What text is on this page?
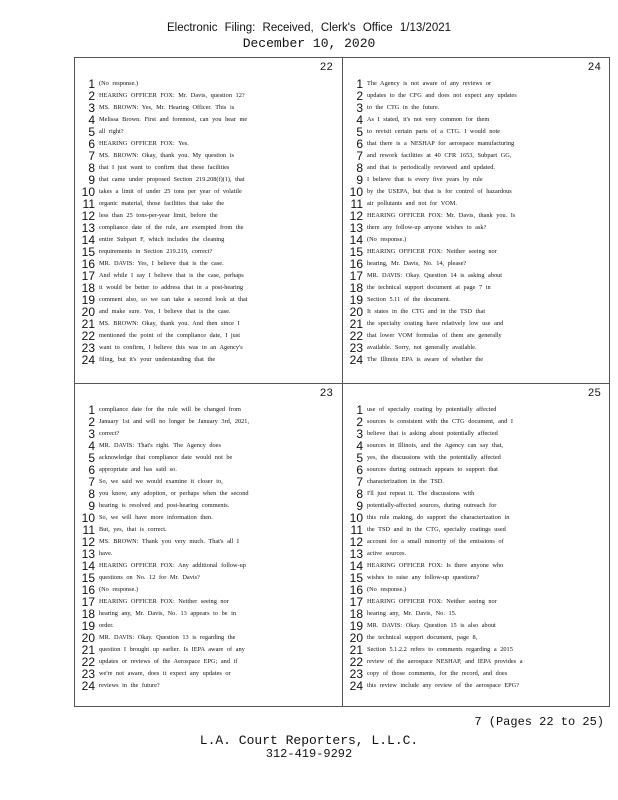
Electronic Filing: Received, Clerk's Office 1/13/2021
December 10, 2020
22
1 $^{(No response.)}$
2 $^{HEARING OFFICER FOX: Mr. Davis, question 12?}$
3 $^{MS. BROWN: Yes, Mr. Hearing Officer. This is}$
4 $^{Melissa Brown. First and foremost, can you hear me}$
5 $^{all right?}$
6 $^{HEARING OFFICER FOX: Yes.}$
7 $^{MS. BROWN: Okay, thank you. My question is}$
8 $^{that I just want to confirm that these facilities}$
9 $^{that came under proposed Section 219.208(f)(1), that}$
10 $^{takes a limit of under 25 tons per year of volatile}$
11 $^{organic material, those facilities that take the}$
12 $^{less than 25 tons-per-year limit, before the}$
13 $^{compliance date of the rule, are exempted from the}$
14 $^{entire Subpart F, which includes the cleaning}$
15 $^{requirements in Section 219.219, correct?}$
16 $^{MR. DAVIS: Yes, I believe that is the case.}$
17 $^{And while I say I believe that is the case, perhaps}$
18 $^{it would be better to address that in a post-hearing}$
19 $^{comment also, so we can take a second look at that}$
20 $^{and make sure. Yes, I believe that is the case.}$
21 $^{MS. BROWN: Okay, thank you. And then since I}$
22 $^{mentioned the point of the compliance date, I just}$
23 $^{want to confirm, I believe this was in an Agency's}$
24 $^{filing, but it's your understanding that the}$
24
1 $^{The Agency is not aware of any reviews or}$
2 $^{updates to the CFG and does not expect any updates}$
3 $^{to the CTG in the future.}$
4 $^{As I stated, it's not very common for them}$
5 $^{to revisit certain parts of a CTG. I would note}$
6 $^{that there is a NESHAP for aerospace manufacturing}$
7 $^{and rework facilities at 40 CFR 1653, Subpart GG,}$
8 $^{and that is periodically reviewed and updated.}$
9 $^{I believe that is every five years by rule}$
10 $^{by the USEPA, but that is for control of hazardous}$
11 $^{air pollutants and not for VOM.}$
12 $^{HEARING OFFICER FOX: Mr. Davis, thank you. Is}$
13 $^{there any follow-up anyone wishes to ask?}$
14 $^{(No response.)}$
15 $^{HEARING OFFICER FOX: Neither seeing nor}$
16 $^{hearing, Mr. Davis, No. 14, please?}$
17 $^{MR. DAVIS: Okay. Question 14 is asking about}$
18 $^{the technical support document at page 7 in}$
19 $^{Section 5.11 of the document.}$
20 $^{It states in the CTG and in the TSD that}$
21 $^{the specialty coating have relatively low use and}$
22 $^{that lower VOM formulas of them are generally}$
23 $^{available. Sorry, not generally available.}$
24 $^{The Illinois EPA is aware of whether the}$
23
1 $^{compliance date for the rule will be changed from}$
2 $^{January 1st and will no longer be January 3rd, 2021,}$
3 $^{correct?}$
4 $^{MR. DAVIS: That's right. The Agency does}$
5 $^{acknowledge that compliance date would not be}$
6 $^{appropriate and has said so.}$
7 $^{So, we said we would examine it closer to,}$
8 $^{you know, any adoption, or perhaps when the second}$
9 $^{hearing is resolved and post-hearing comments.}$
10 $^{So, we will have more information then.}$
11 $^{But, yes, that is correct.}$
12 $^{MS. BROWN: Thank you very much. That's all I}$
13 $^{have.}$
14 $^{HEARING OFFICER FOX: Any additional follow-up}$
15 $^{questions on No. 12 for Mr. Davis?}$
16 $^{(No response.)}$
17 $^{HEARING OFFICER FOX: Neither seeing nor}$
18 $^{hearing any, Mr. Davis, No. 13 appears to be in}$
19 $^{order.}$
20 $^{MR. DAVIS: Okay. Question 13 is regarding the}$
21 $^{question I brought up earlier. Is IEPA aware of any}$
22 $^{updates or reviews of the Aerospace EPG; and if}$
23 $^{we're not aware, does it expect any updates or}$
24 $^{reviews in the future?}$
25
1 $^{use of specialty coating by potentially affected}$
2 $^{sources is consistent with the CTG document, and I}$
3 $^{believe that is asking about potentially affected}$
4 $^{sources in Illinois, and the Agency can say that,}$
5 $^{yes, the discussions with the potentially affected}$
6 $^{sources during outreach appears to support that}$
7 $^{characterization in the TSD.}$
8 $^{I'll just repeat it. The discussions with}$
9 $^{potentially-affected sources, during outreach for}$
10 $^{this rule making, do support the characterization in}$
11 $^{the TSD and in the CTG, specialty coatings used}$
12 $^{account for a small minority of the emissions of}$
13 $^{active sources.}$
14 $^{HEARING OFFICER FOX: Is there anyone who}$
15 $^{wishes to raise any follow-up questions?}$
16 $^{(No response.)}$
17 $^{HEARING OFFICER FOX: Neither seeing nor}$
18 $^{hearing any, Mr. Davis, No. 15.}$
19 $^{MR. DAVIS: Okay. Question 15 is also about}$
20 $^{the technical support document, page 8,}$
21 $^{Section 5.1.2.2 refers to comments regarding a 2015}$
22 $^{review of the aerospace NESHAP, and IEPA provides a}$
23 $^{copy of those comments, for the record, and does}$
24 $^{this review include any review of the aerospace EPG?}$
7 (Pages 22 to 25)
L.A. Court Reporters, L.L.C.
312-419-9292
